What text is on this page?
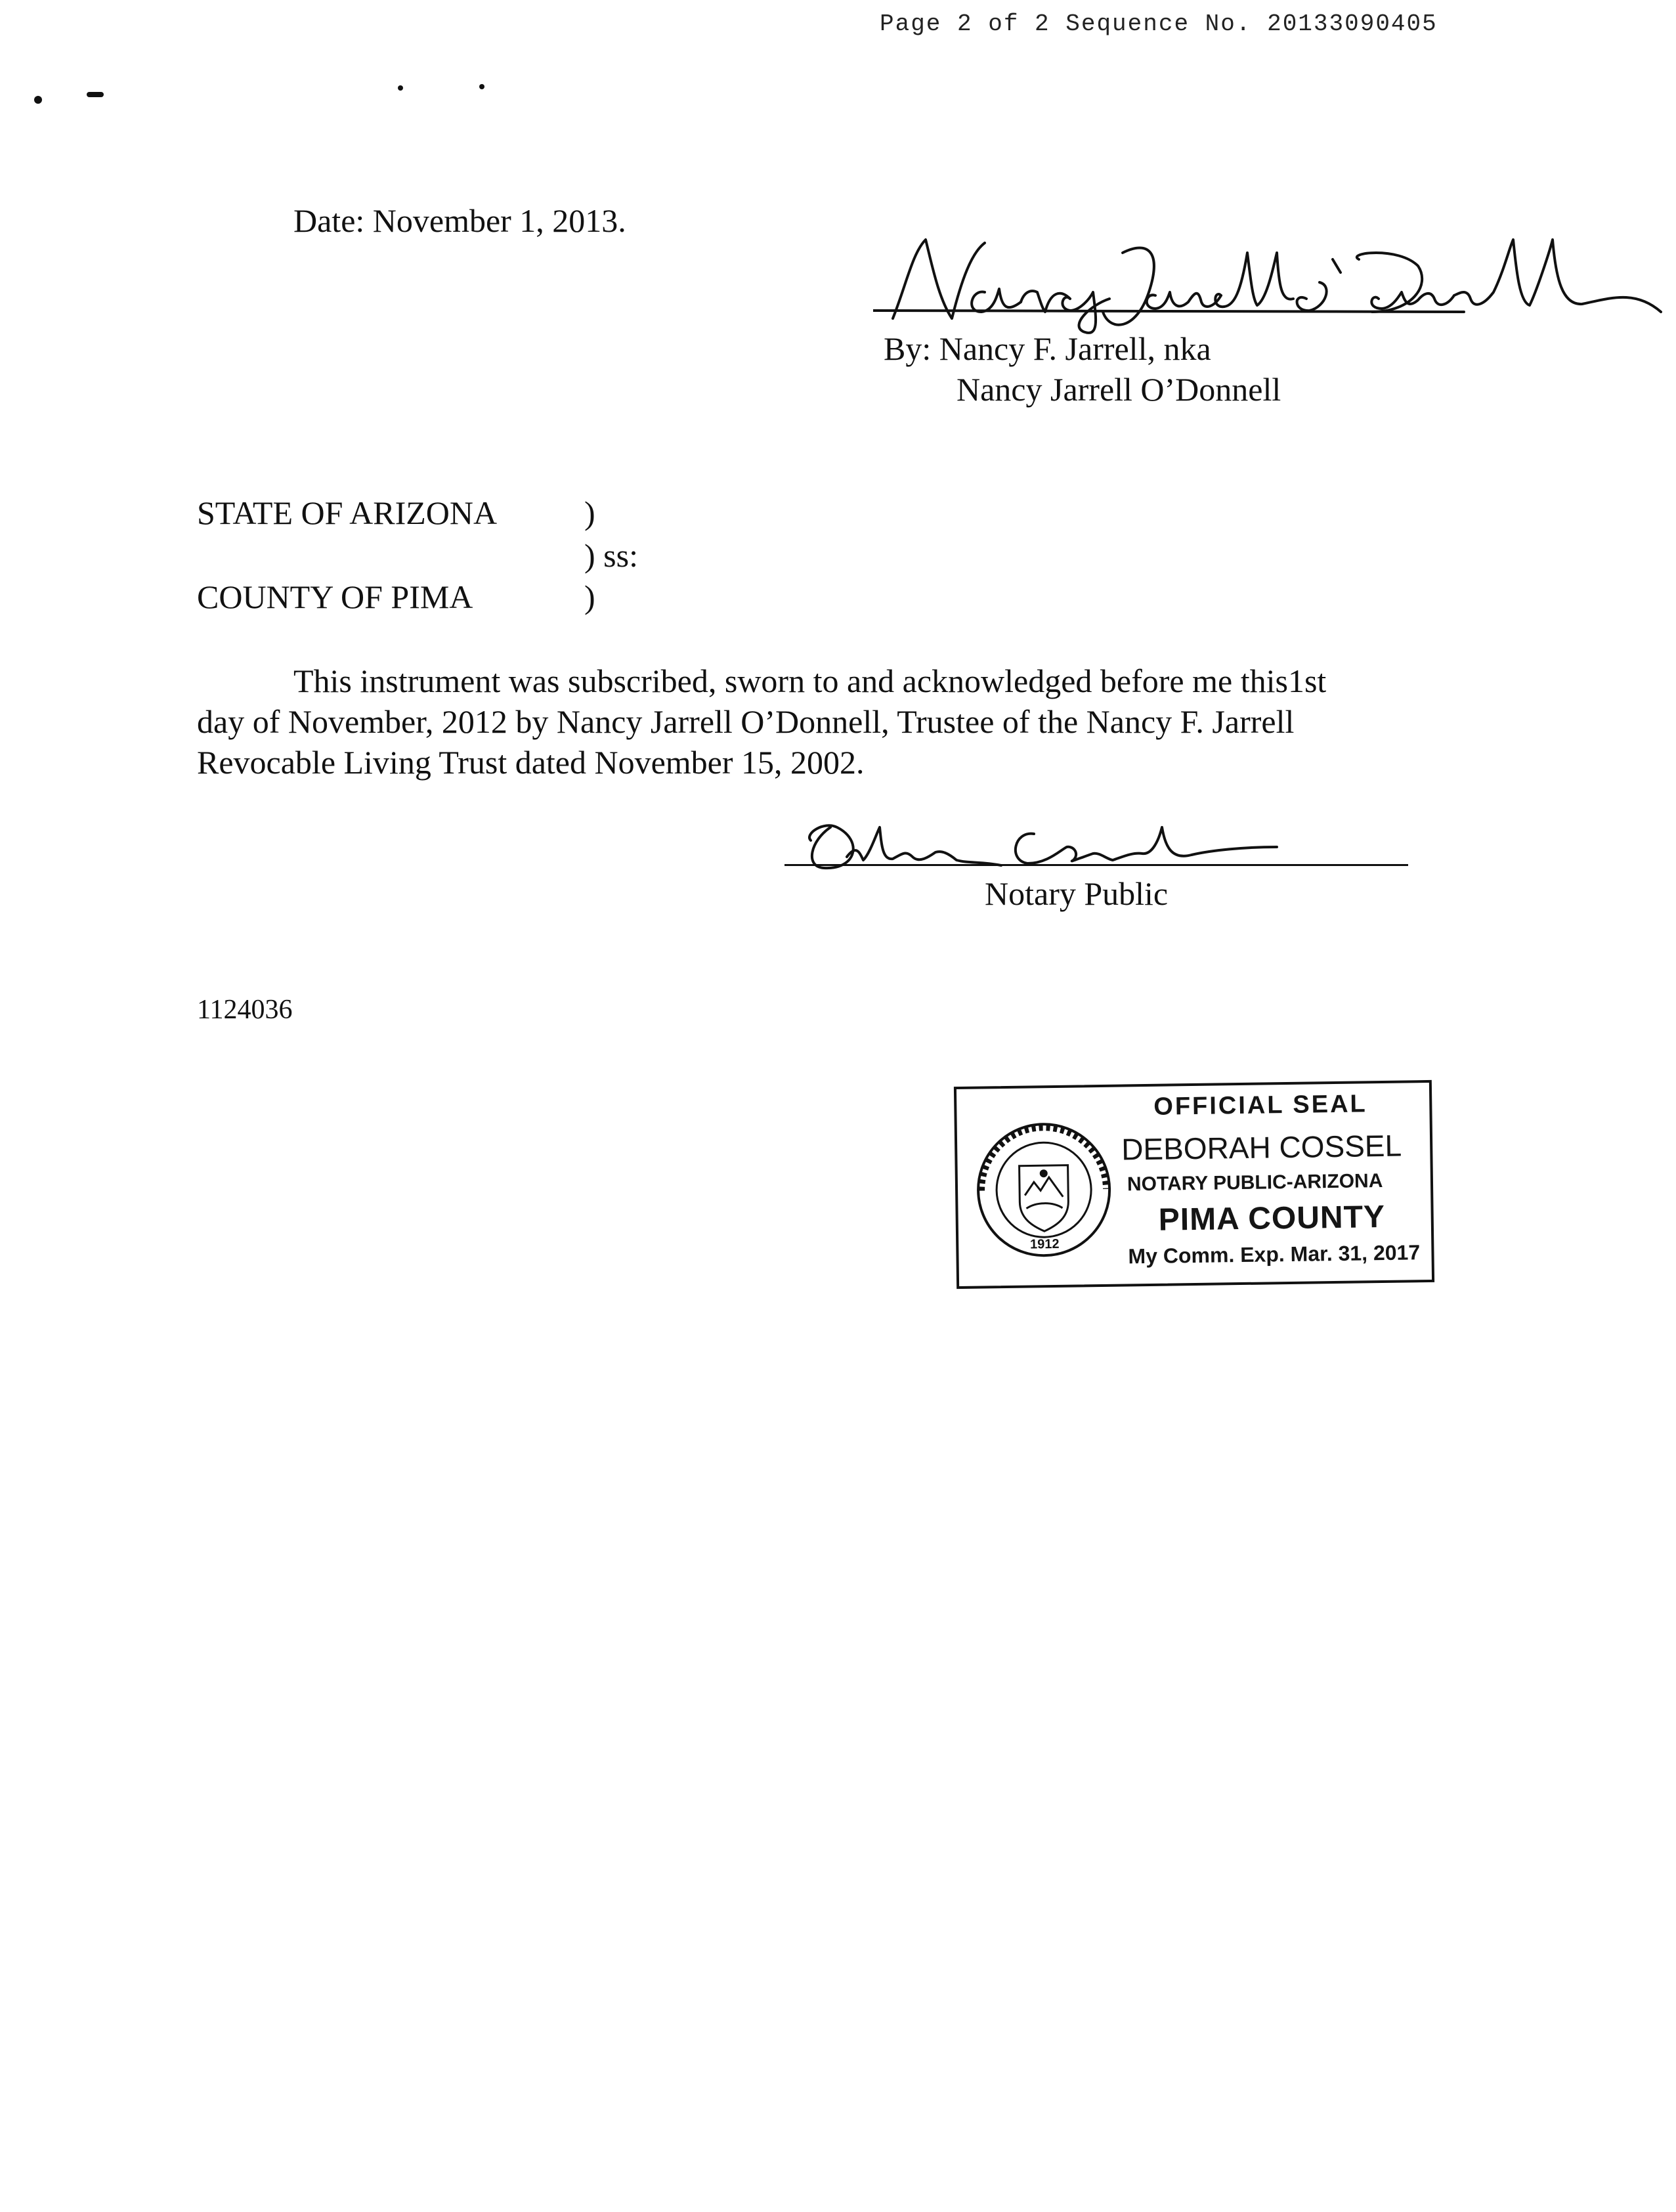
Page 2 of 2 Sequence No. 20133090405
Date: November 1, 2013.
By: Nancy F. Jarrell, nka
Nancy Jarrell O’Donnell
STATE OF ARIZONA	)
) ss:
COUNTY OF PIMA	)
This instrument was subscribed, sworn to and acknowledged before me this1st
day of November, 2012 by Nancy Jarrell O’Donnell, Trustee of the Nancy F. Jarrell
Revocable Living Trust dated November 15, 2002.
Notary Public
1124036
1912
OFFICIAL SEAL
DEBORAH COSSEL
NOTARY PUBLIC-ARIZONA
PIMA COUNTY
My Comm. Exp. Mar. 31, 2017
